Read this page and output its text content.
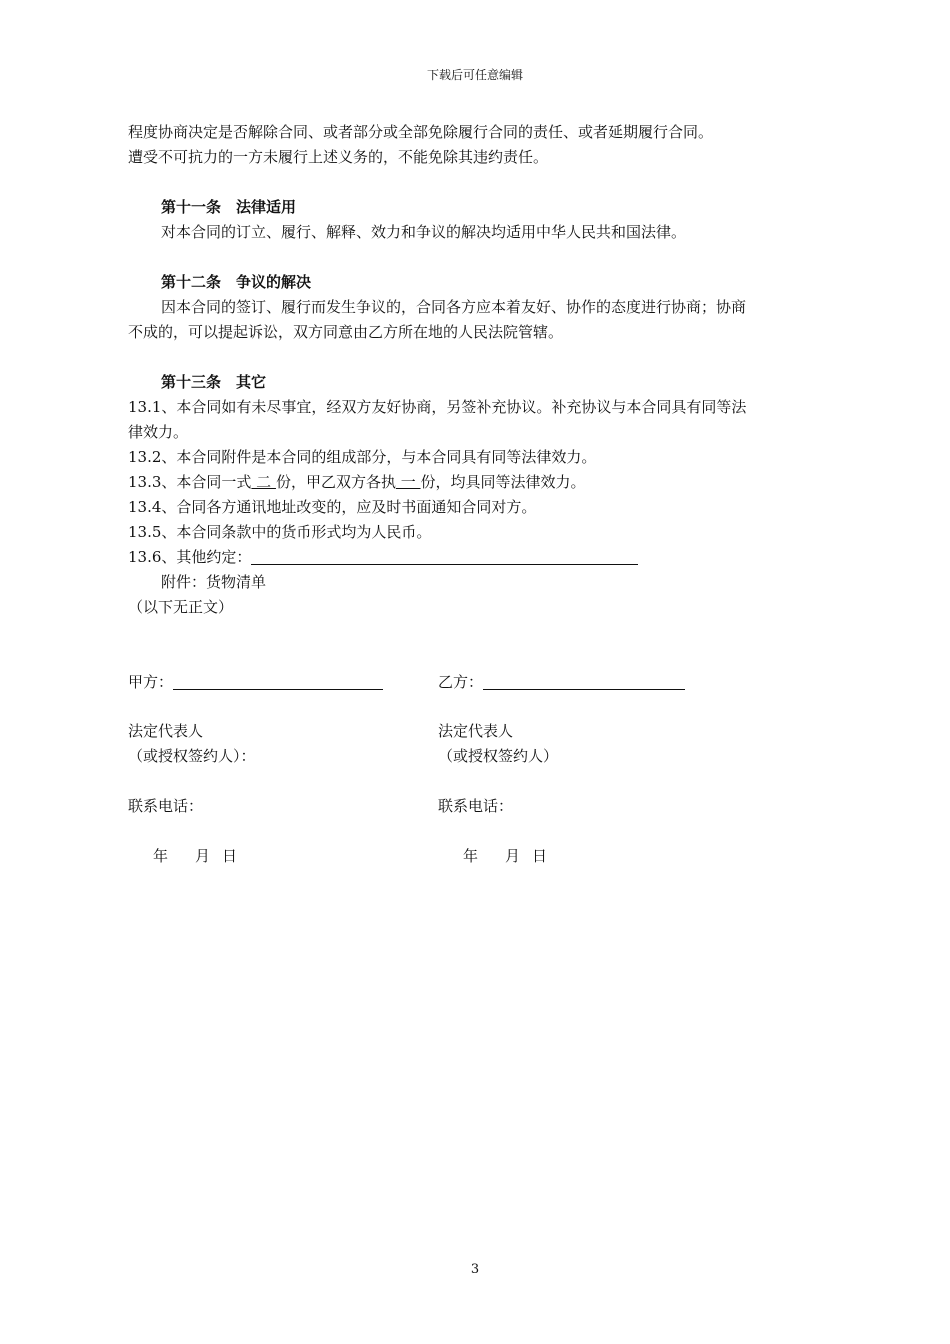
下载后可任意编辑
程度协商决定是否解除合同、或者部分或全部免除履行合同的责任、或者延期履行合同。
遭受不可抗力的一方未履行上述义务的，不能免除其违约责任。
第十一条　法律适用
对本合同的订立、履行、解释、效力和争议的解决均适用中华人民共和国法律。
第十二条　争议的解决
因本合同的签订、履行而发生争议的，合同各方应本着友好、协作的态度进行协商；协商
不成的，可以提起诉讼，双方同意由乙方所在地的人民法院管辖。
第十三条　其它
13.1、本合同如有未尽事宜，经双方友好协商，另签补充协议。补充协议与本合同具有同等法
律效力。
13.2、本合同附件是本合同的组成部分，与本合同具有同等法律效力。
13.3、本合同一式 二 份，甲乙双方各执 一 份，均具同等法律效力。
13.4、合同各方通讯地址改变的，应及时书面通知合同对方。
13.5、本合同条款中的货币形式均为人民币。
13.6、其他约定：
附件：货物清单
（以下无正文）
甲方：
法定代表人
（或授权签约人）：
联系电话：
年 月 日
乙方：
法定代表人
（或授权签约人）
联系电话：
年 月 日
3
